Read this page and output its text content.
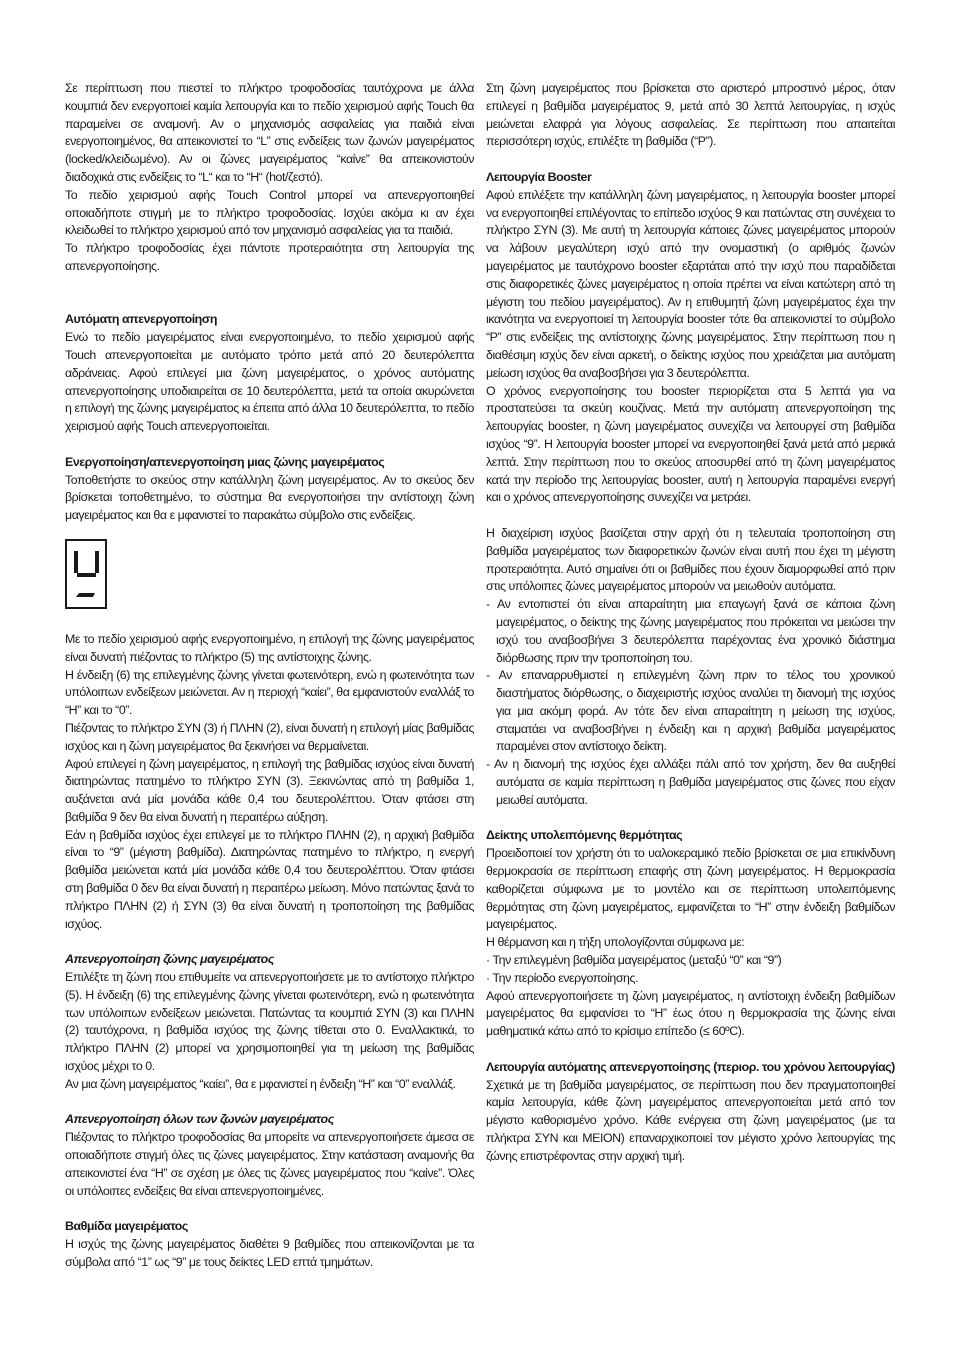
Σε περίπτωση που πιεστεί το πλήκτρο τροφοδοσίας ταυτόχρονα με άλλα κουμπιά δεν ενεργοποιεί καμία λειτουργία και το πεδίο χειρισμού αφής Touch θα παραμείνει σε αναμονή. Αν ο μηχανισμός ασφαλείας για παιδιά είναι ενεργοποιημένος, θα απεικονιστεί το “L” στις ενδείξεις των ζωνών μαγειρέματος (locked/κλειδωμένο). Αν οι ζώνες μαγειρέματος “καίνε” θα απεικονιστούν διαδοχικά στις ενδείξεις το “L“ και το “H“ (hot/ζεστό).

Το πεδίο χειρισμού αφής Touch Control μπορεί να απενεργοποιηθεί οποιαδήποτε στιγμή με το πλήκτρο τροφοδοσίας. Ισχύει ακόμα κι αν έχει κλειδωθεί το πλήκτρο χειρισμού από τον μηχανισμό ασφαλείας για τα παιδιά.

Το πλήκτρο τροφοδοσίας έχει πάντοτε προτεραιότητα στη λειτουργία της απενεργοποίησης.

Αυτόματη απενεργοποίηση

Ενώ το πεδίο μαγειρέματος είναι ενεργοποιημένο, το πεδίο χειρισμού αφής Touch απενεργοποιείται με αυτόματο τρόπο μετά από 20 δευτερόλεπτα αδράνειας. Αφού επιλεγεί μια ζώνη μαγειρέματος, ο χρόνος αυτόματης απενεργοποίησης υποδιαιρείται σε 10 δευτερόλεπτα, μετά τα οποία ακυρώνεται η επιλογή της ζώνης μαγειρέματος κι έπειτα από άλλα 10 δευτερόλεπτα, το πεδίο χειρισμού αφής Touch απενεργοποιείται.

Ενεργοποίηση/απενεργοποίηση μιας ζώνης μαγειρέματος

Τοποθετήστε το σκεύος στην κατάλληλη ζώνη μαγειρέματος. Αν το σκεύος δεν βρίσκεται τοποθετημένο, το σύστημα θα ενεργοποιήσει την αντίστοιχη ζώνη μαγειρέματος και θα ε μφανιστεί το παρακάτω σύμβολο στις ενδείξεις.

Με το πεδίο χειρισμού αφής ενεργοποιημένο, η επιλογή της ζώνης μαγειρέματος είναι δυνατή πιέζοντας το πλήκτρο (5) της αντίστοιχης ζώνης.

Η ένδειξη (6) της επιλεγμένης ζώνης γίνεται φωτεινότερη, ενώ η φωτεινότητα των υπόλοιπων ενδείξεων μειώνεται. Αν η περιοχή “καίει”, θα εμφανιστούν εναλλάξ το “H” και το “0”.

Πιέζοντας το πλήκτρο ΣΥΝ (3) ή ΠΛΗΝ (2), είναι δυνατή η επιλογή μίας βαθμίδας ισχύος και η ζώνη μαγειρέματος θα ξεκινήσει να θερμαίνεται.

Αφού επιλεγεί η ζώνη μαγειρέματος, η επιλογή της βαθμίδας ισχύος είναι δυνατή διατηρώντας πατημένο το πλήκτρο ΣΥΝ (3). Ξεκινώντας από τη βαθμίδα 1, αυξάνεται ανά μία μονάδα κάθε 0,4 του δευτερολέπτου. Όταν φτάσει στη βαθμίδα 9 δεν θα είναι δυνατή η περαιτέρω αύξηση.

Εάν η βαθμίδα ισχύος έχει επιλεγεί με το πλήκτρο ΠΛΗΝ (2), η αρχική βαθμίδα είναι το “9” (μέγιστη βαθμίδα). Διατηρώντας πατημένο το πλήκτρο, η ενεργή βαθμίδα μειώνεται κατά μία μονάδα κάθε 0,4 του δευτερολέπτου. Όταν φτάσει στη βαθμίδα 0 δεν θα είναι δυνατή η περαιτέρω μείωση. Μόνο πατώντας ξανά το πλήκτρο ΠΛΗΝ (2) ή ΣΥΝ (3) θα είναι δυνατή η τροποποίηση της βαθμίδας ισχύος.

Απενεργοποίηση ζώνης μαγειρέματος

Επιλέξτε τη ζώνη που επιθυμείτε να απενεργοποιήσετε με το αντίστοιχο πλήκτρο (5). Η ένδειξη (6) της επιλεγμένης ζώνης γίνεται φωτεινότερη, ενώ η φωτεινότητα των υπόλοιπων ενδείξεων μειώνεται. Πατώντας τα κουμπιά ΣΥΝ (3) και ΠΛΗΝ (2) ταυτόχρονα, η βαθμίδα ισχύος της ζώνης τίθεται στο 0. Εναλλακτικά, το πλήκτρο ΠΛΗΝ (2) μπορεί να χρησιμοποιηθεί για τη μείωση της βαθμίδας ισχύος μέχρι το 0.

Αν μια ζώνη μαγειρέματος “καίει”, θα ε μφανιστεί η ένδειξη “H” και “0” εναλλάξ.

Απενεργοποίηση όλων των ζωνών μαγειρέματος

Πιέζοντας το πλήκτρο τροφοδοσίας θα μπορείτε να απενεργοποιήσετε άμεσα σε οποιαδήποτε στιγμή όλες τις ζώνες μαγειρέματος. Στην κατάσταση αναμονής θα απεικονιστεί ένα “H” σε σχέση με όλες τις ζώνες μαγειρέματος που “καίνε”. Όλες οι υπόλοιπες ενδείξεις θα είναι απενεργοποιημένες.

Βαθμίδα μαγειρέματος

Η ισχύς της ζώνης μαγειρέματος διαθέτει 9 βαθμίδες που απεικονίζονται με τα σύμβολα από “1” ως “9” με τους δείκτες LED επτά τμημάτων.

Στη ζώνη μαγειρέματος που βρίσκεται στο αριστερό μπροστινό μέρος, όταν επιλεγεί η βαθμίδα μαγειρέματος 9, μετά από 30 λεπτά λειτουργίας, η ισχύς μειώνεται ελαφρά για λόγους ασφαλείας. Σε περίπτωση που απαιτείται περισσότερη ισχύς, επιλέξτε τη βαθμίδα (“P”).

Λειτουργία Booster

Αφού επιλέξετε την κατάλληλη ζώνη μαγειρέματος, η λειτουργία booster μπορεί να ενεργοποιηθεί επιλέγοντας το επίπεδο ισχύος 9 και πατώντας στη συνέχεια το πλήκτρο ΣΥΝ (3). Με αυτή τη λειτουργία κάποιες ζώνες μαγειρέματος μπορούν να λάβουν μεγαλύτερη ισχύ από την ονομαστική (ο αριθμός ζωνών μαγειρέματος με ταυτόχρονο booster εξαρτάται από την ισχύ που παραδίδεται στις διαφορετικές ζώνες μαγειρέματος η οποία πρέπει να είναι κατώτερη από τη μέγιστη του πεδίου μαγειρέματος). Αν η επιθυμητή ζώνη μαγειρέματος έχει την ικανότητα να ενεργοποιεί τη λειτουργία booster τότε θα απεικονιστεί το σύμβολο “P” στις ενδείξεις της αντίστοιχης ζώνης μαγειρέματος. Στην περίπτωση που η διαθέσιμη ισχύς δεν είναι αρκετή, ο δείκτης ισχύος που χρειάζεται μια αυτόματη μείωση ισχύος θα αναβοσβήσει για 3 δευτερόλεπτα.

Ο χρόνος ενεργοποίησης του booster περιορίζεται στα 5 λεπτά για να προστατεύσει τα σκεύη κουζίνας. Μετά την αυτόματη απενεργοποίηση της λειτουργίας booster, η ζώνη μαγειρέματος συνεχίζει να λειτουργεί στη βαθμίδα ισχύος “9”. Η λειτουργία booster μπορεί να ενεργοποιηθεί ξανά μετά από μερικά λεπτά. Στην περίπτωση που το σκεύος αποσυρθεί από τη ζώνη μαγειρέματος κατά την περίοδο της λειτουργίας booster, αυτή η λειτουργία παραμένει ενεργή και ο χρόνος απενεργοποίησης συνεχίζει να μετράει.

Η διαχείριση ισχύος βασίζεται στην αρχή ότι η τελευταία τροποποίηση στη βαθμίδα μαγειρέματος των διαφορετικών ζωνών είναι αυτή που έχει τη μέγιστη προτεραιότητα. Αυτό σημαίνει ότι οι βαθμίδες που έχουν διαμορφωθεί από πριν στις υπόλοιπες ζώνες μαγειρέματος μπορούν να μειωθούν αυτόματα.

- Αν εντοπιστεί ότι είναι απαραίτητη μια επαγωγή ξανά σε κάποια ζώνη μαγειρέματος, ο δείκτης της ζώνης μαγειρέματος που πρόκειται να μειώσει την ισχύ του αναβοσβήνει 3 δευτερόλεπτα παρέχοντας ένα χρονικό διάστημα διόρθωσης πριν την τροποποίηση του.

- Αν επαναρρυθμιστεί η επιλεγμένη ζώνη πριν το τέλος του χρονικού διαστήματος διόρθωσης, ο διαχειριστής ισχύος αναλύει τη διανομή της ισχύος για μια ακόμη φορά. Αν τότε δεν είναι απαραίτητη η μείωση της ισχύος, σταματάει να αναβοσβήνει η ένδειξη και η αρχική βαθμίδα μαγειρέματος παραμένει στον αντίστοιχο δείκτη.

- Αν η διανομή της ισχύος έχει αλλάξει πάλι από τον χρήστη, δεν θα αυξηθεί αυτόματα σε καμία περίπτωση η βαθμίδα μαγειρέματος στις ζώνες που είχαν μειωθεί αυτόματα.

Δείκτης υπολειπόμενης θερμότητας

Προειδοποιεί τον χρήστη ότι το υαλοκεραμικό πεδίο βρίσκεται σε μια επικίνδυνη θερμοκρασία σε περίπτωση επαφής στη ζώνη μαγειρέματος. Η θερμοκρασία καθορίζεται σύμφωνα με το μοντέλο και σε περίπτωση υπολειπόμενης θερμότητας στη ζώνη μαγειρέματος, εμφανίζεται το “H” στην ένδειξη βαθμίδων μαγειρέματος.

Η θέρμανση και η τήξη υπολογίζονται σύμφωνα με:

· Την επιλεγμένη βαθμίδα μαγειρέματος (μεταξύ “0” και “9”)

· Την περίοδο ενεργοποίησης.

Αφού απενεργοποιήσετε τη ζώνη μαγειρέματος, η αντίστοιχη ένδειξη βαθμίδων μαγειρέματος θα εμφανίσει το “H” έως ότου η θερμοκρασία της ζώνης είναι μαθηματικά κάτω από το κρίσιμο επίπεδο (≤ 60ºC).

Λειτουργία αυτόματης απενεργοποίησης (περιορ. του χρόνου λειτουργίας)

Σχετικά με τη βαθμίδα μαγειρέματος, σε περίπτωση που δεν πραγματοποιηθεί καμία λειτουργία, κάθε ζώνη μαγειρέματος απενεργοποιείται μετά από τον μέγιστο καθορισμένο χρόνο. Κάθε ενέργεια στη ζώνη μαγειρέματος (με τα πλήκτρα ΣΥΝ και ΜΕΙΟΝ) επαναρχικοποιεί τον μέγιστο χρόνο λειτουργίας της ζώνης επιστρέφοντας στην αρχική τιμή.
